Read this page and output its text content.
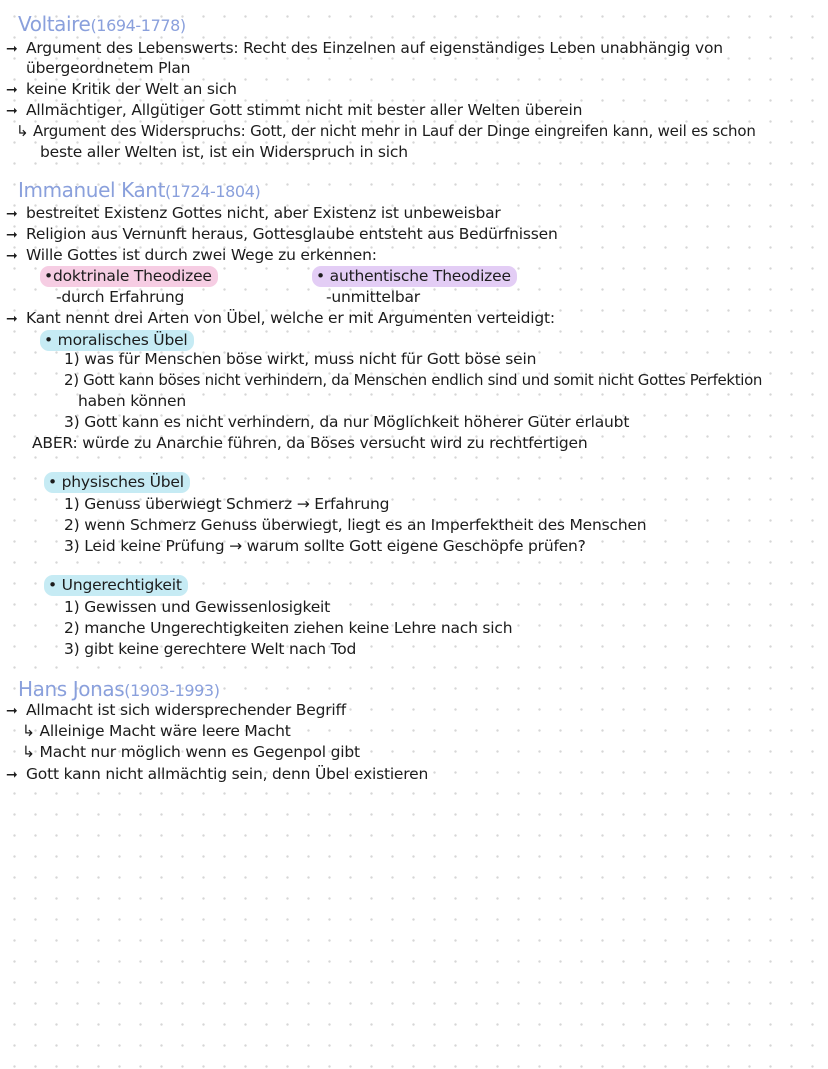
Voltaire(1694-1778)
➞ Argument des Lebenswerts: Recht des Einzelnen auf eigenständiges Leben unabhängig von
übergeordnetem Plan
➞ keine Kritik der Welt an sich
➞ Allmächtiger, Allgütiger Gott stimmt nicht mit bester aller Welten überein
↳ Argument des Widerspruchs: Gott, der nicht mehr in Lauf der Dinge eingreifen kann, weil es schon
beste aller Welten ist, ist ein Widerspruch in sich
Immanuel Kant(1724-1804)
➞ bestreitet Existenz Gottes nicht, aber Existenz ist unbeweisbar
➞ Religion aus Vernunft heraus, Gottesglaube entsteht aus Bedürfnissen
➞ Wille Gottes ist durch zwei Wege zu erkennen:
•doktrinale Theodizee
-durch Erfahrung
• authentische Theodizee
-unmittelbar
➞ Kant nennt drei Arten von Übel, welche er mit Argumenten verteidigt:
• moralisches Übel
1) was für Menschen böse wirkt, muss nicht für Gott böse sein
2) Gott kann böses nicht verhindern, da Menschen endlich sind und somit nicht Gottes Perfektion
haben können
3) Gott kann es nicht verhindern, da nur Möglichkeit höherer Güter erlaubt
ABER: würde zu Anarchie führen, da Böses versucht wird zu rechtfertigen
• physisches Übel
1) Genuss überwiegt Schmerz → Erfahrung
2) wenn Schmerz Genuss überwiegt, liegt es an Imperfektheit des Menschen
3) Leid keine Prüfung → warum sollte Gott eigene Geschöpfe prüfen?
• Ungerechtigkeit
1) Gewissen und Gewissenlosigkeit
2) manche Ungerechtigkeiten ziehen keine Lehre nach sich
3) gibt keine gerechtere Welt nach Tod
Hans Jonas(1903-1993)
➞ Allmacht ist sich widersprechender Begriff
↳ Alleinige Macht wäre leere Macht
↳ Macht nur möglich wenn es Gegenpol gibt
➞ Gott kann nicht allmächtig sein, denn Übel existieren
